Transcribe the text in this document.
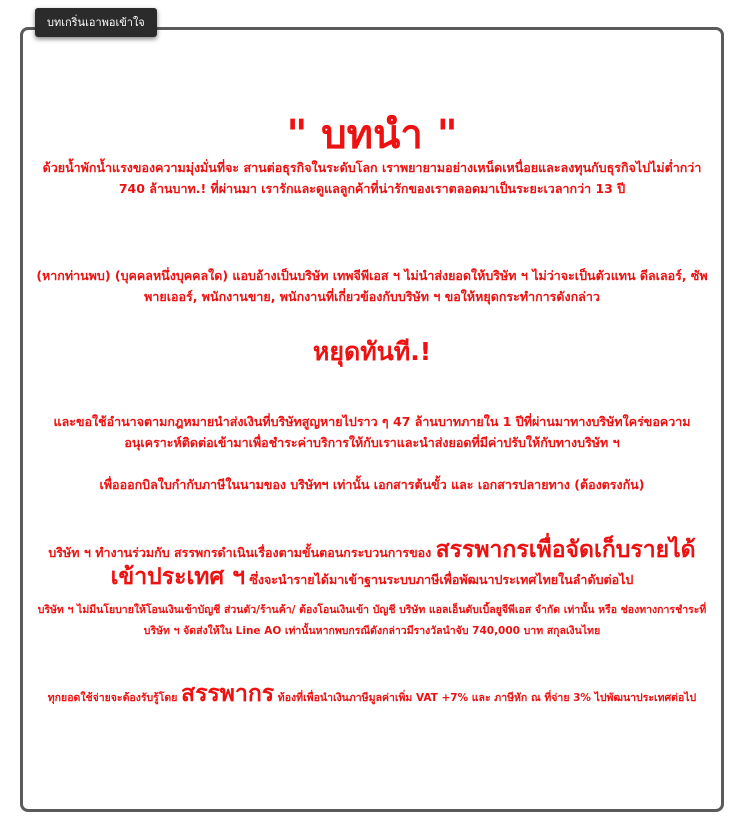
บทเกริ่นเอาพอเข้าใจ

" บทนำ "

ด้วยน้ำพักน้ำแรงของความมุ่งมั่นที่จะ สานต่อธุรกิจในระดับโลก เราพยายามอย่างเหน็ดเหนื่อยและลงทุนกับธุรกิจไปไม่ต่ำกว่า 740 ล้านบาท.! ที่ผ่านมา เรารักและดูแลลูกค้าที่น่ารักของเราตลอดมาเป็นระยะเวลากว่า 13 ปี

(หากท่านพบ) (บุคคลหนึ่งบุคคลใด) แอบอ้างเป็นบริษัท เทพจีพีเอส ฯ ไม่นำส่งยอดให้บริษัท ฯ ไม่ว่าจะเป็นตัวแทน ดีลเลอร์, ซัพพายเออร์, พนักงานขาย, พนักงานที่เกี่ยวข้องกับบริษัท ฯ ขอให้หยุดกระทำการดังกล่าว

หยุดทันที.!

และขอใช้อำนาจตามกฎหมายนำส่งเงินที่บริษัทสูญหายไปราว ๆ 47 ล้านบาทภายใน 1 ปีที่ผ่านมาทางบริษัทใคร่ขอความอนุเคราะห์ติดต่อเข้ามาเพื่อชำระค่าบริการให้กับเราและนำส่งยอดที่มีค่าปรับให้กับทางบริษัท ฯ

เพื่อออกบิลใบกำกับภาษีในนามของ บริษัทฯ เท่านั้น เอกสารต้นขั้ว และ เอกสารปลายทาง (ต้องตรงกัน)

บริษัท ฯ ทำงานร่วมกับ สรรพกรดำเนินเรื่องตามขั้นตอนกระบวนการของ สรรพากรเพื่อจัดเก็บรายได้เข้าประเทศ ฯ ซึ่งจะนำรายได้มาเข้าฐานระบบภาษีเพื่อพัฒนาประเทศไทยในลำดับต่อไป

บริษัท ฯ ไม่มีนโยบายให้โอนเงินเข้าบัญชี ส่วนตัว/ร้านค้า/ ต้องโอนเงินเข้า บัญชี บริษัท แอลเอ็นดับเบิ้ลยูจีพีเอส จำกัด เท่านั้น หรือ ช่องทางการชำระที่บริษัท ฯ จัดส่งให้ใน Line AO เท่านั้นหากพบกรณีดังกล่าวมีรางวัลนำจับ 740,000 บาท สกุลเงินไทย

ทุกยอดใช้จ่ายจะต้องรับรู้โดย สรรพากร ท้องที่เพื่อนำเงินภาษีมูลค่าเพิ่ม VAT +7% และ ภาษีหัก ณ ที่จ่าย 3% ไปพัฒนาประเทศต่อไป
